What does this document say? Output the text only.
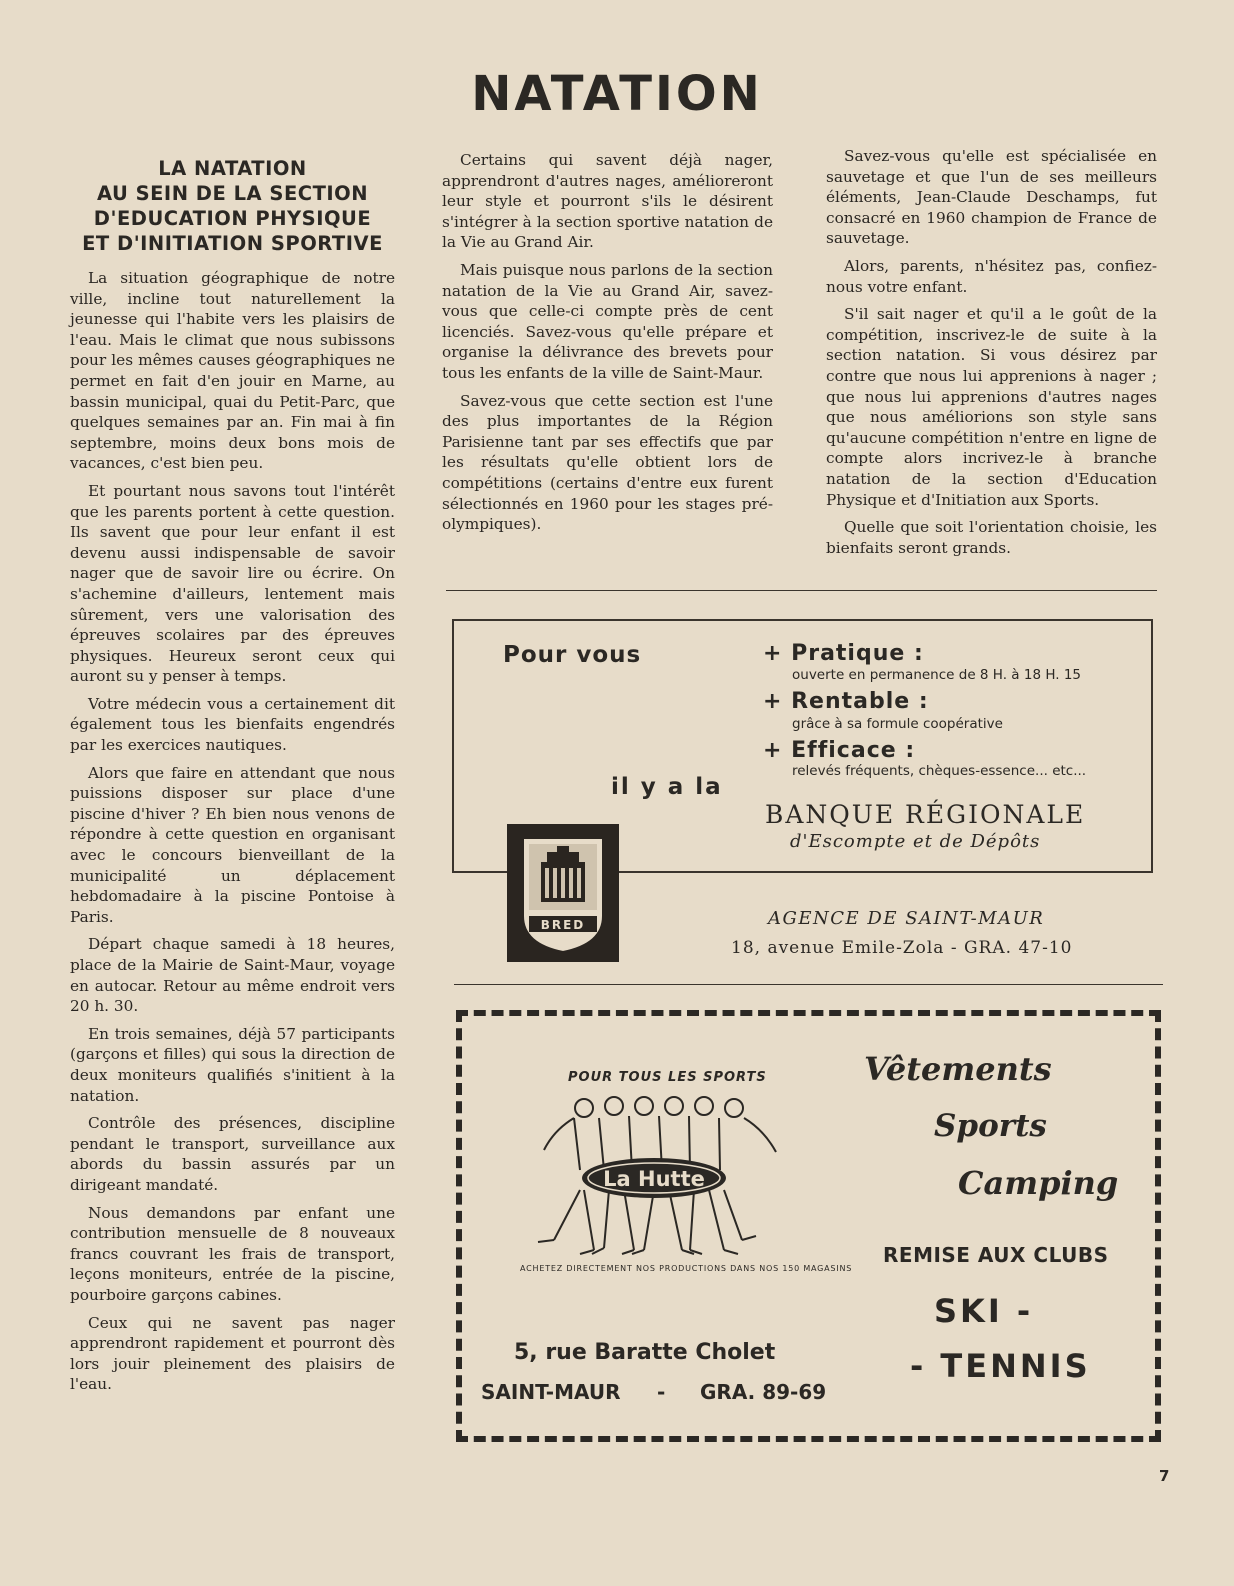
NATATION
LA NATATION
AU SEIN DE LA SECTION
D'EDUCATION PHYSIQUE
ET D'INITIATION SPORTIVE

La situation géographique de notre ville, incline tout naturellement la jeunesse qui l'habite vers les plaisirs de l'eau. Mais le climat que nous subissons pour les mêmes causes géographiques ne permet en fait d'en jouir en Marne, au bassin municipal, quai du Petit-Parc, que quelques semaines par an. Fin mai à fin septembre, moins deux bons mois de vacances, c'est bien peu.

Et pourtant nous savons tout l'intérêt que les parents portent à cette question. Ils savent que pour leur enfant il est devenu aussi indispensable de savoir nager que de savoir lire ou écrire. On s'achemine d'ailleurs, lentement mais sûrement, vers une valorisation des épreuves scolaires par des épreuves physiques. Heureux seront ceux qui auront su y penser à temps.

Votre médecin vous a certainement dit également tous les bienfaits engendrés par les exercices nautiques.

Alors que faire en attendant que nous puissions disposer sur place d'une piscine d'hiver ? Eh bien nous venons de répondre à cette question en organisant avec le concours bienveillant de la municipalité un déplacement hebdomadaire à la piscine Pontoise à Paris.

Départ chaque samedi à 18 heures, place de la Mairie de Saint-Maur, voyage en autocar. Retour au même endroit vers 20 h. 30.

En trois semaines, déjà 57 participants (garçons et filles) qui sous la direction de deux moniteurs qualifiés s'initient à la natation.

Contrôle des présences, discipline pendant le transport, surveillance aux abords du bassin assurés par un dirigeant mandaté.

Nous demandons par enfant une contribution mensuelle de 8 nouveaux francs couvrant les frais de transport, leçons moniteurs, entrée de la piscine, pourboire garçons cabines.

Ceux qui ne savent pas nager apprendront rapidement et pourront dès lors jouir pleinement des plaisirs de l'eau.

Certains qui savent déjà nager, apprendront d'autres nages, amélioreront leur style et pourront s'ils le désirent s'intégrer à la section sportive natation de la Vie au Grand Air.

Mais puisque nous parlons de la section natation de la Vie au Grand Air, savez-vous que celle-ci compte près de cent licenciés. Savez-vous qu'elle prépare et organise la délivrance des brevets pour tous les enfants de la ville de Saint-Maur.

Savez-vous que cette section est l'une des plus importantes de la Région Parisienne tant par ses effectifs que par les résultats qu'elle obtient lors de compétitions (certains d'entre eux furent sélectionnés en 1960 pour les stages pré-olympiques).

Savez-vous qu'elle est spécialisée en sauvetage et que l'un de ses meilleurs éléments, Jean-Claude Deschamps, fut consacré en 1960 champion de France de sauvetage.

Alors, parents, n'hésitez pas, confiez-nous votre enfant.

S'il sait nager et qu'il a le goût de la compétition, inscrivez-le de suite à la section natation. Si vous désirez par contre que nous lui apprenions à nager ; que nous lui apprenions d'autres nages que nous améliorions son style sans qu'aucune compétition n'entre en ligne de compte alors incrivez-le à branche natation de la section d'Education Physique et d'Initiation aux Sports.

Quelle que soit l'orientation choisie, les bienfaits seront grands.

Pour vous	+ Pratique :
ouverte en permanence de 8 H. à 18 H. 15
+ Rentable :
grâce à sa formule coopérative
+ Efficace :
relevés fréquents, chèques-essence... etc...
il y a la
BANQUE RÉGIONALE
d'Escompte et de Dépôts
BRED	AGENCE DE SAINT-MAUR
18, avenue Emile-Zola - GRA. 47-10
POUR TOUS LES SPORTS
La Hutte
ACHETEZ DIRECTEMENT NOS PRODUCTIONS DANS NOS 150 MAGASINS
Vêtements
Sports
Camping
REMISE AUX CLUBS
SKI -
- TENNIS
5, rue Baratte Cholet
SAINT-MAUR - GRA. 89-69
7
